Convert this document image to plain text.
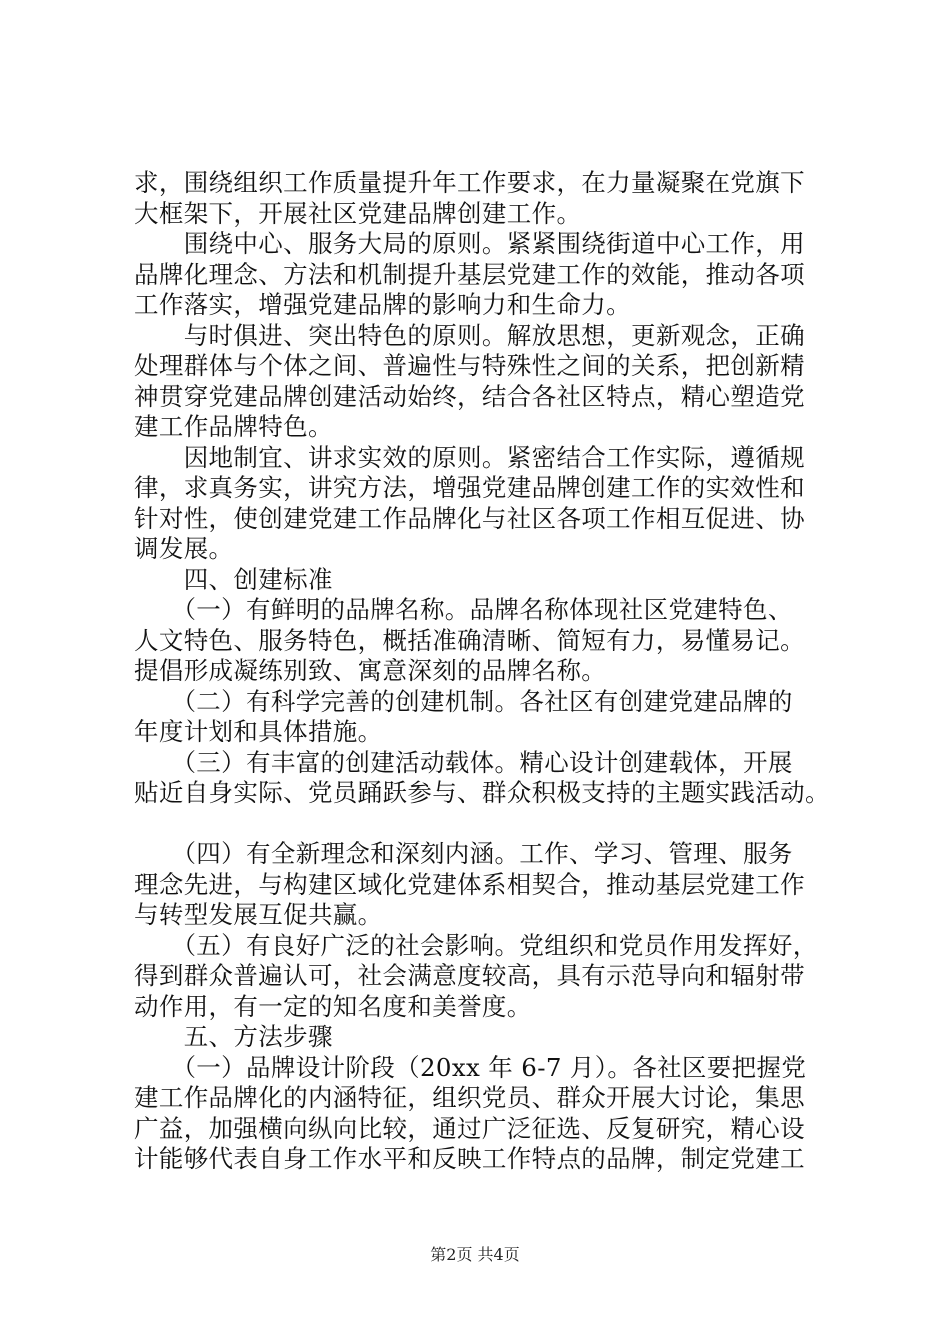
求，围绕组织工作质量提升年工作要求，在力量凝聚在党旗下

大框架下，开展社区党建品牌创建工作。

　　围绕中心、服务大局的原则。紧紧围绕街道中心工作，用

品牌化理念、方法和机制提升基层党建工作的效能，推动各项

工作落实，增强党建品牌的影响力和生命力。

　　与时俱进、突出特色的原则。解放思想，更新观念，正确

处理群体与个体之间、普遍性与特殊性之间的关系，把创新精

神贯穿党建品牌创建活动始终，结合各社区特点，精心塑造党

建工作品牌特色。

　　因地制宜、讲求实效的原则。紧密结合工作实际，遵循规

律，求真务实，讲究方法，增强党建品牌创建工作的实效性和

针对性，使创建党建工作品牌化与社区各项工作相互促进、协

调发展。

　　四、创建标准

　　（一）有鲜明的品牌名称。品牌名称体现社区党建特色、

人文特色、服务特色，概括准确清晰、简短有力，易懂易记。

提倡形成凝练别致、寓意深刻的品牌名称。

　　（二）有科学完善的创建机制。各社区有创建党建品牌的

年度计划和具体措施。

　　（三）有丰富的创建活动载体。精心设计创建载体，开展

贴近自身实际、党员踊跃参与、群众积极支持的主题实践活动。

　　（四）有全新理念和深刻内涵。工作、学习、管理、服务

理念先进，与构建区域化党建体系相契合，推动基层党建工作

与转型发展互促共赢。

　　（五）有良好广泛的社会影响。党组织和党员作用发挥好，

得到群众普遍认可，社会满意度较高，具有示范导向和辐射带

动作用，有一定的知名度和美誉度。

　　五、方法步骤

　　（一）品牌设计阶段（20xx 年 6-7 月）。各社区要把握党

建工作品牌化的内涵特征，组织党员、群众开展大讨论，集思

广益，加强横向纵向比较，通过广泛征选、反复研究，精心设

计能够代表自身工作水平和反映工作特点的品牌，制定党建工

第2页 共4页
